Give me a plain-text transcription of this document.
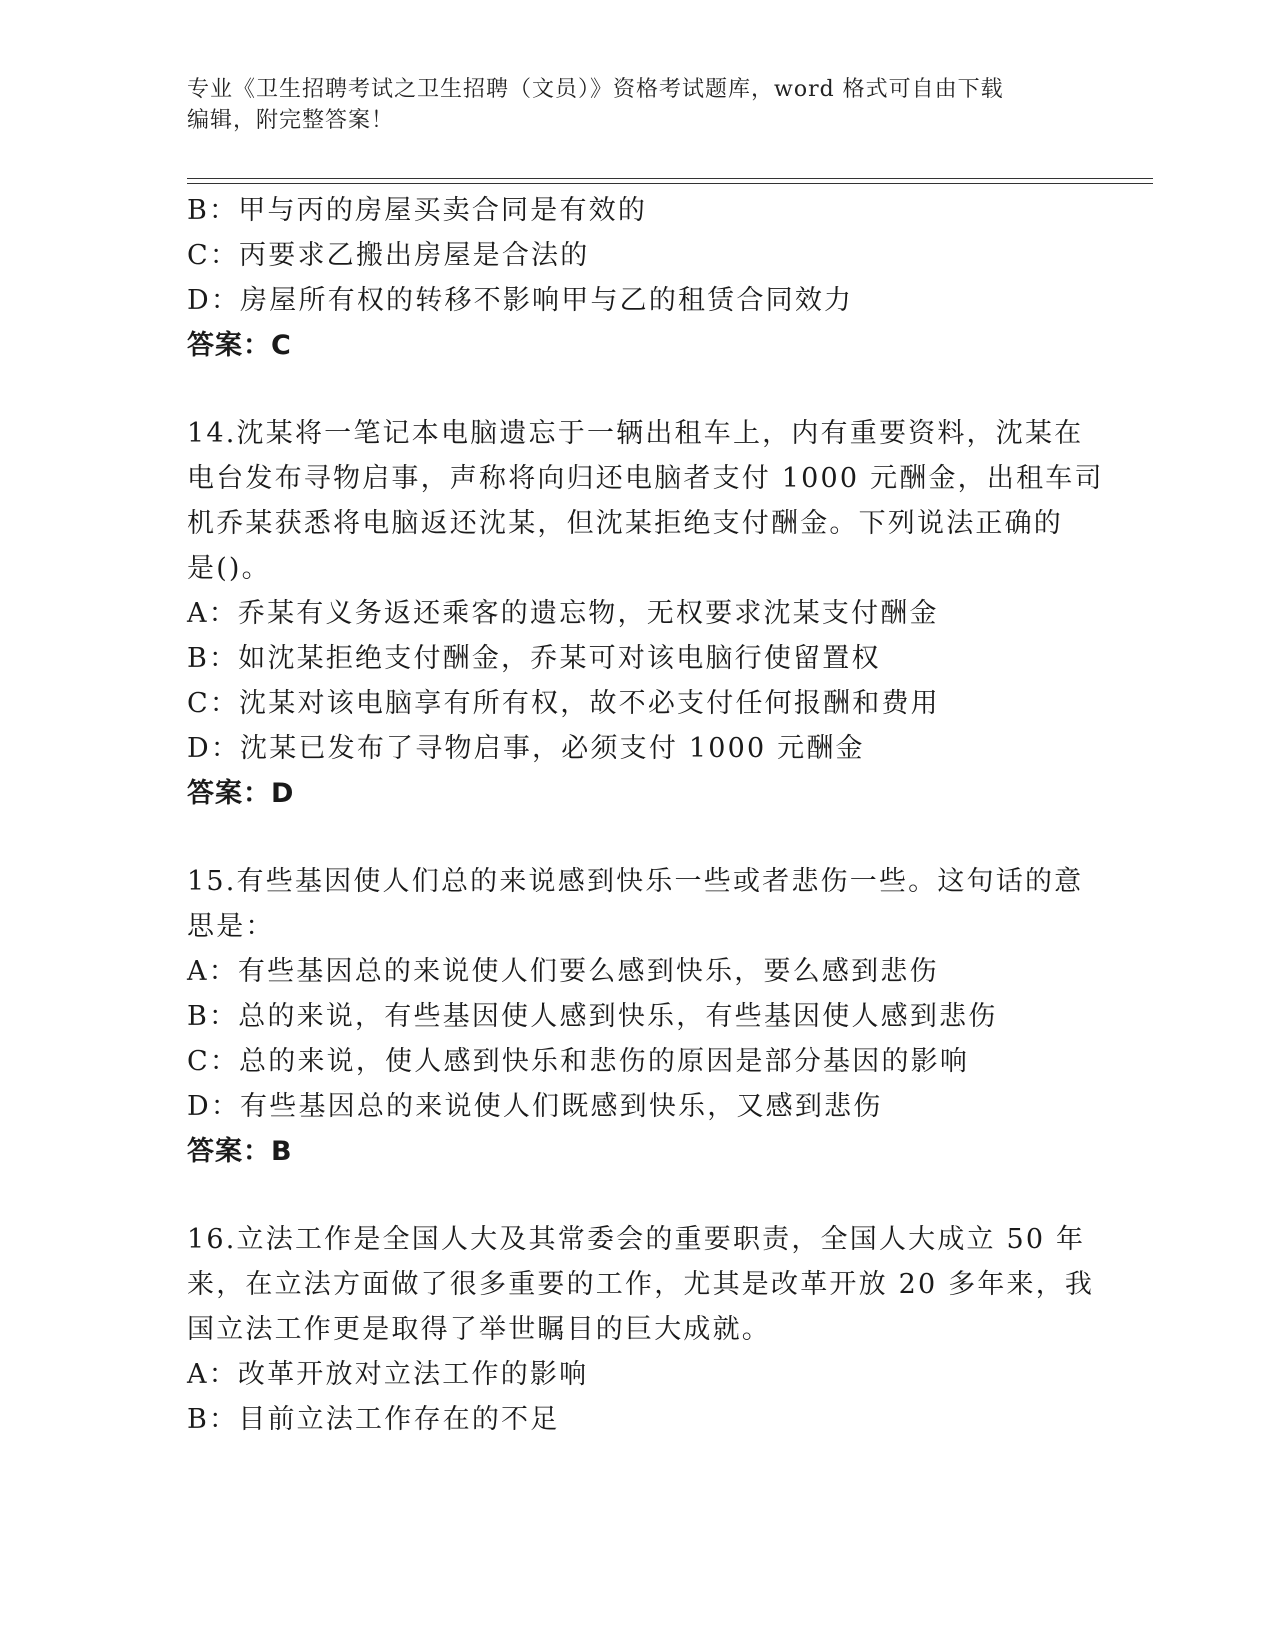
专业《卫生招聘考试之卫生招聘（文员）》资格考试题库，word 格式可自由下载
编辑，附完整答案！
B：甲与丙的房屋买卖合同是有效的
C：丙要求乙搬出房屋是合法的
D：房屋所有权的转移不影响甲与乙的租赁合同效力
答案：C
14.沈某将一笔记本电脑遗忘于一辆出租车上，内有重要资料，沈某在
电台发布寻物启事，声称将向归还电脑者支付 1000 元酬金，出租车司
机乔某获悉将电脑返还沈某，但沈某拒绝支付酬金。下列说法正确的
是()。
A：乔某有义务返还乘客的遗忘物，无权要求沈某支付酬金
B：如沈某拒绝支付酬金，乔某可对该电脑行使留置权
C：沈某对该电脑享有所有权，故不必支付任何报酬和费用
D：沈某已发布了寻物启事，必须支付 1000 元酬金
答案：D
15.有些基因使人们总的来说感到快乐一些或者悲伤一些。这句话的意
思是：
A：有些基因总的来说使人们要么感到快乐，要么感到悲伤
B：总的来说，有些基因使人感到快乐，有些基因使人感到悲伤
C：总的来说，使人感到快乐和悲伤的原因是部分基因的影响
D：有些基因总的来说使人们既感到快乐，又感到悲伤
答案：B
16.立法工作是全国人大及其常委会的重要职责，全国人大成立 50 年
来，在立法方面做了很多重要的工作，尤其是改革开放 20 多年来，我
国立法工作更是取得了举世瞩目的巨大成就。
A：改革开放对立法工作的影响
B：目前立法工作存在的不足
